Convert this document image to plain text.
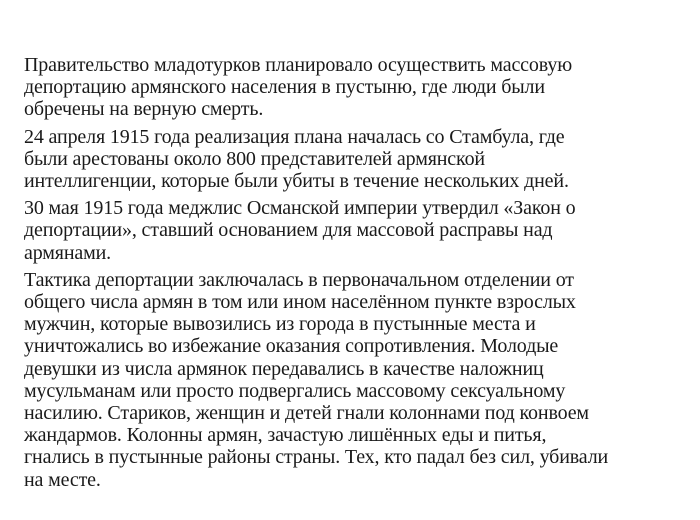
Правительство младотурков планировало осуществить массовую
депортацию армянского населения в пустыню, где люди были
обречены на верную смерть.

24 апреля 1915 года реализация плана началась со Стамбула, где
были арестованы около 800 представителей армянской
интеллигенции, которые были убиты в течение нескольких дней.

30 мая 1915 года меджлис Османской империи утвердил «Закон о
депортации», ставший основанием для массовой расправы над
армянами.

Тактика депортации заключалась в первоначальном отделении от
общего числа армян в том или ином населённом пункте взрослых
мужчин, которые вывозились из города в пустынные места и
уничтожались во избежание оказания сопротивления. Молодые
девушки из числа армянок передавались в качестве наложниц
мусульманам или просто подвергались массовому сексуальному
насилию. Стариков, женщин и детей гнали колоннами под конвоем
жандармов. Колонны армян, зачастую лишённых еды и питья,
гнались в пустынные районы страны. Тех, кто падал без сил, убивали
на месте.
